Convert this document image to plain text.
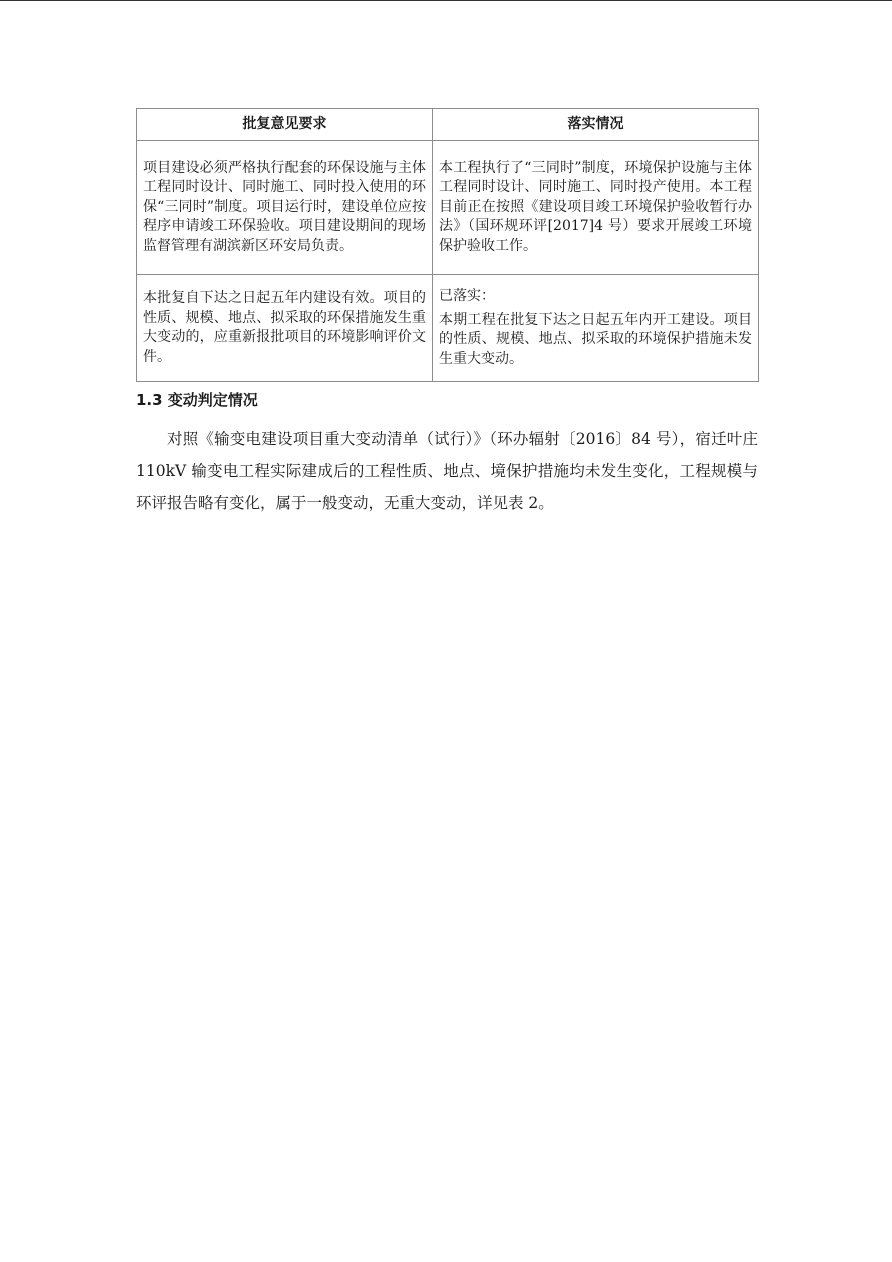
批复意见要求	落实情况
项目建设必须严格执行配套的环保设施与主体工程同时设计、同时施工、同时投入使用的环保“三同时”制度。项目运行时，建设单位应按程序申请竣工环保验收。项目建设期间的现场监督管理有湖滨新区环安局负责。	本工程执行了“三同时”制度，环境保护设施与主体工程同时设计、同时施工、同时投产使用。本工程目前正在按照《建设项目竣工环境保护验收暂行办法》（国环规环评[2017]4 号）要求开展竣工环境保护验收工作。
本批复自下达之日起五年内建设有效。项目的性质、规模、地点、拟采取的环保措施发生重大变动的，应重新报批项目的环境影响评价文件。	已落实：
本期工程在批复下达之日起五年内开工建设。项目的性质、规模、地点、拟采取的环境保护措施未发生重大变动。
1.3 变动判定情况

对照《输变电建设项目重大变动清单（试行）》（环办辐射〔2016〕84 号），宿迁叶庄 110kV 输变电工程实际建成后的工程性质、地点、境保护措施均未发生变化，工程规模与环评报告略有变化，属于一般变动，无重大变动，详见表 2。
